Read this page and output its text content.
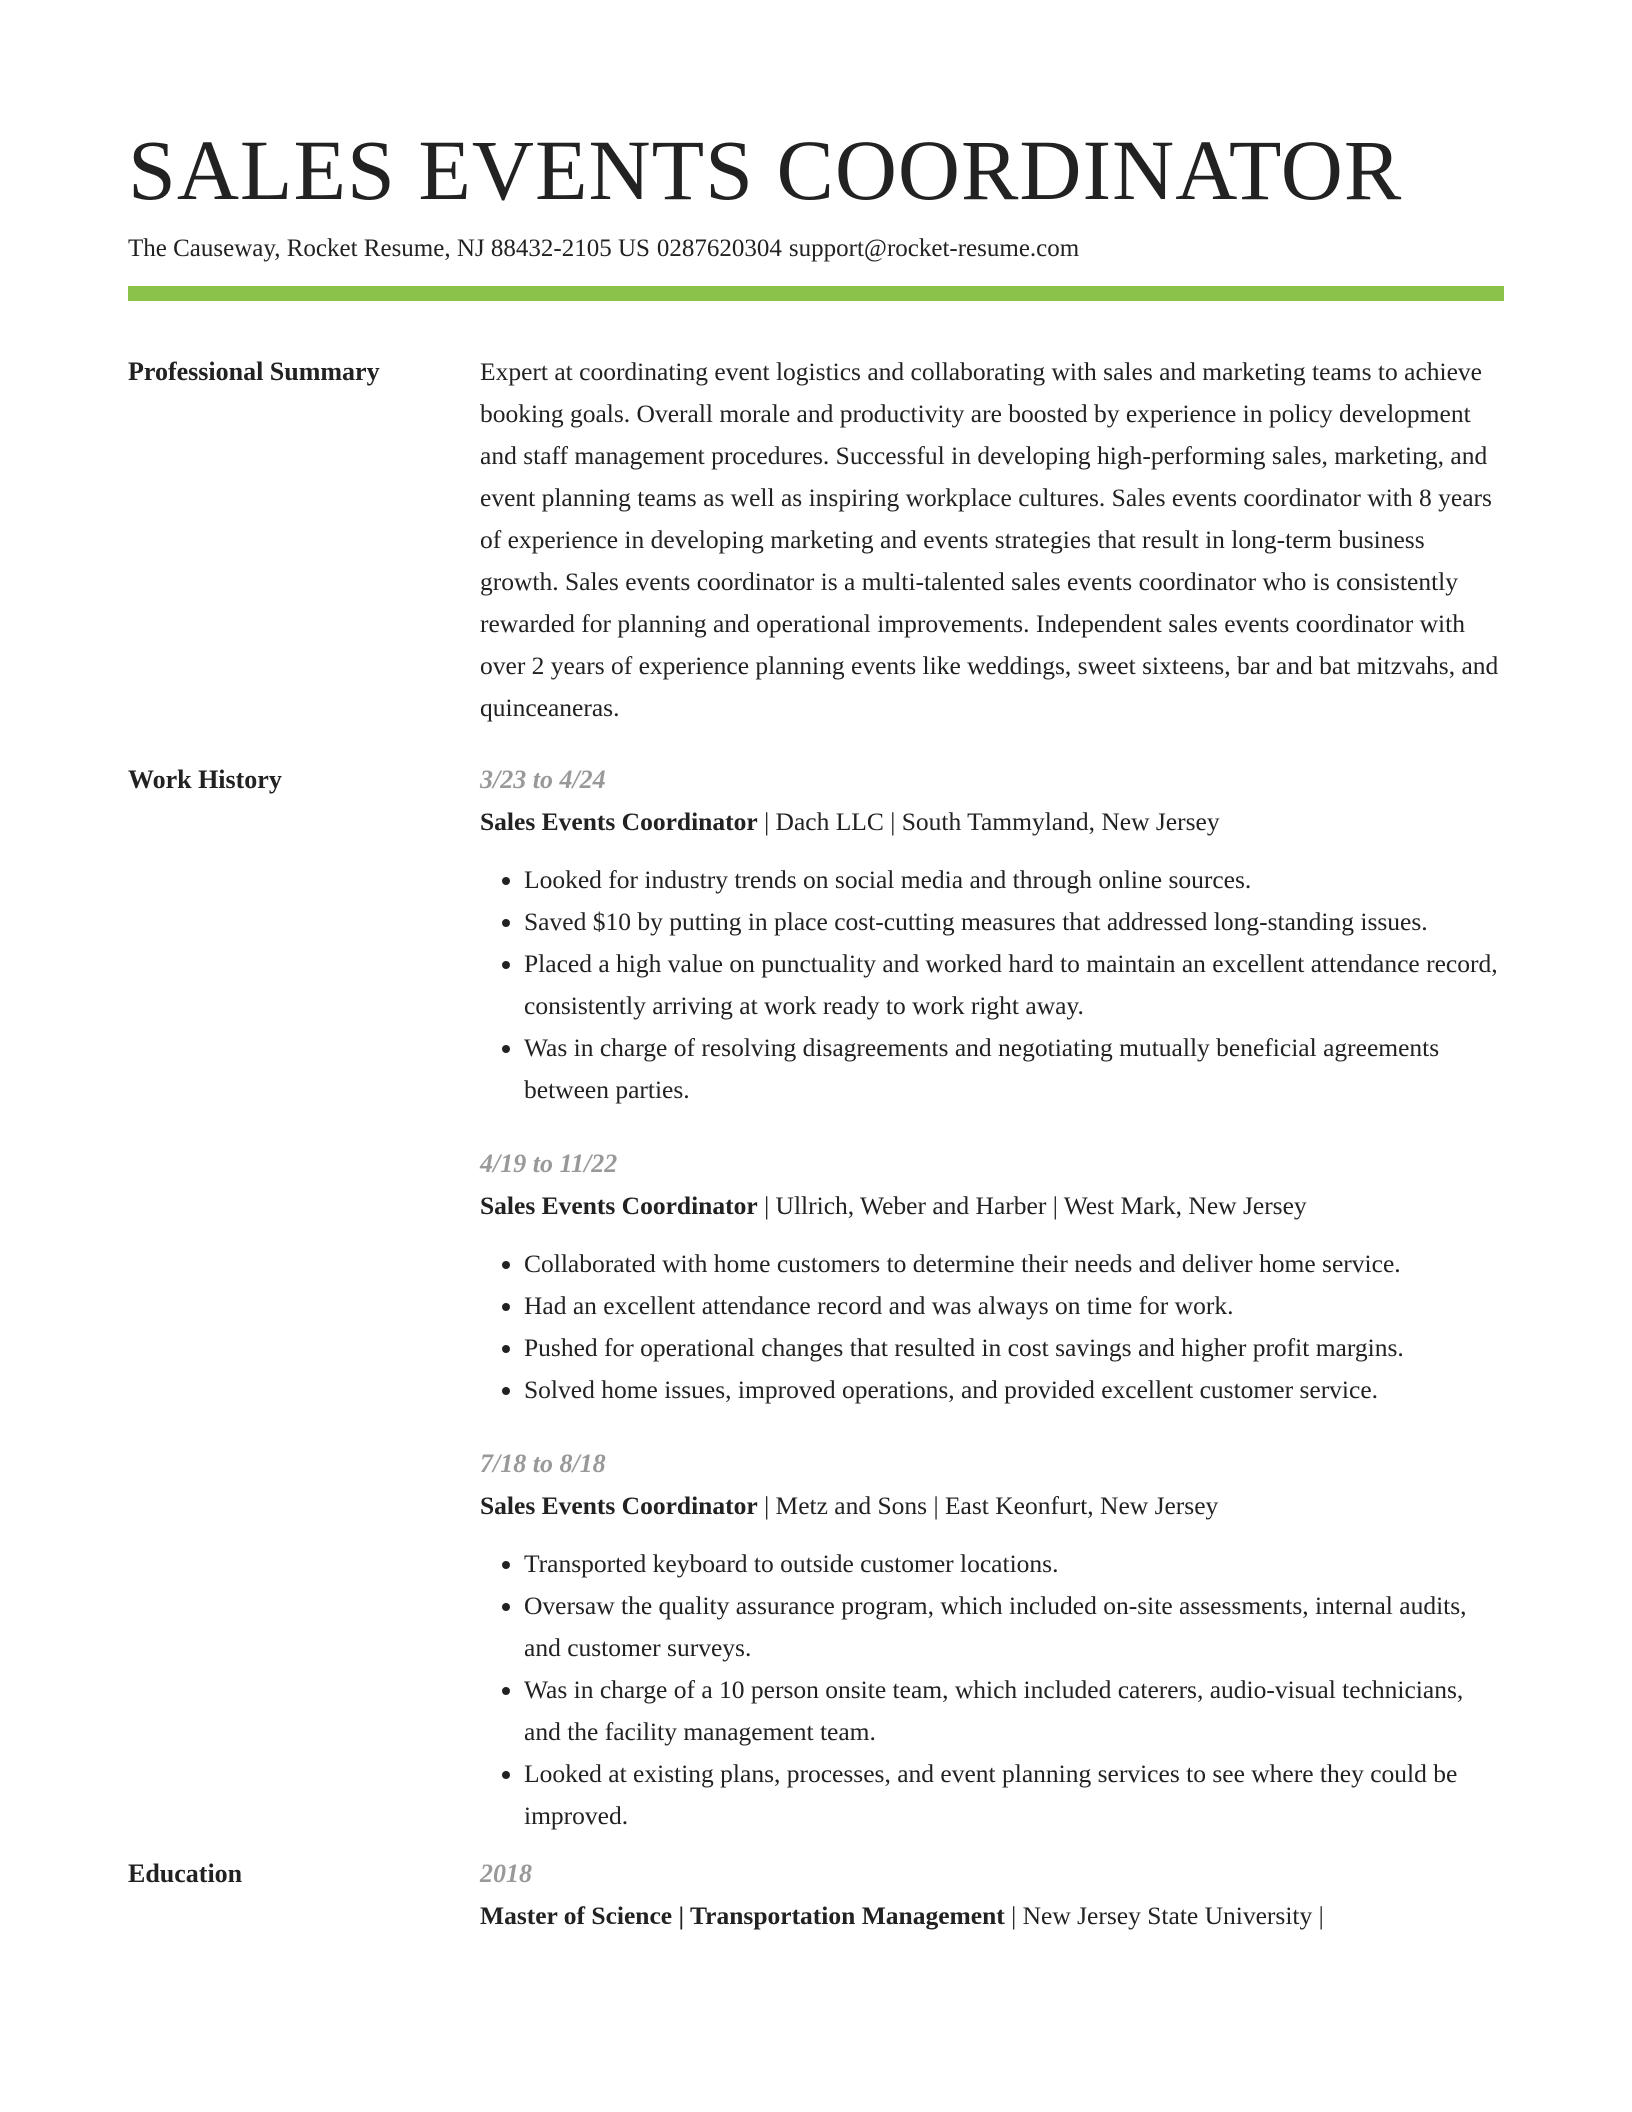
SALES EVENTS COORDINATOR
The Causeway, Rocket Resume, NJ 88432-2105 US 0287620304 support@rocket-resume.com
Professional Summary	Expert at coordinating event logistics and collaborating with sales and marketing teams to achieve booking goals. Overall morale and productivity are boosted by experience in policy development and staff management procedures. Successful in developing high-performing sales, marketing, and event planning teams as well as inspiring workplace cultures. Sales events coordinator with 8 years of experience in developing marketing and events strategies that result in long-term business growth. Sales events coordinator is a multi-talented sales events coordinator who is consistently rewarded for planning and operational improvements. Independent sales events coordinator with over 2 years of experience planning events like weddings, sweet sixteens, bar and bat mitzvahs, and quinceaneras.

Work History	3/23 to 4/24
Sales Events Coordinator | Dach LLC | South Tammyland, New Jersey
• Looked for industry trends on social media and through online sources.
• Saved $10 by putting in place cost-cutting measures that addressed long-standing issues.
• Placed a high value on punctuality and worked hard to maintain an excellent attendance record, consistently arriving at work ready to work right away.
• Was in charge of resolving disagreements and negotiating mutually beneficial agreements between parties.
4/19 to 11/22
Sales Events Coordinator | Ullrich, Weber and Harber | West Mark, New Jersey
• Collaborated with home customers to determine their needs and deliver home service.
• Had an excellent attendance record and was always on time for work.
• Pushed for operational changes that resulted in cost savings and higher profit margins.
• Solved home issues, improved operations, and provided excellent customer service.
7/18 to 8/18
Sales Events Coordinator | Metz and Sons | East Keonfurt, New Jersey
• Transported keyboard to outside customer locations.
• Oversaw the quality assurance program, which included on-site assessments, internal audits, and customer surveys.
• Was in charge of a 10 person onsite team, which included caterers, audio-visual technicians, and the facility management team.
• Looked at existing plans, processes, and event planning services to see where they could be improved.
Education	2018
Master of Science | Transportation Management | New Jersey State University |
